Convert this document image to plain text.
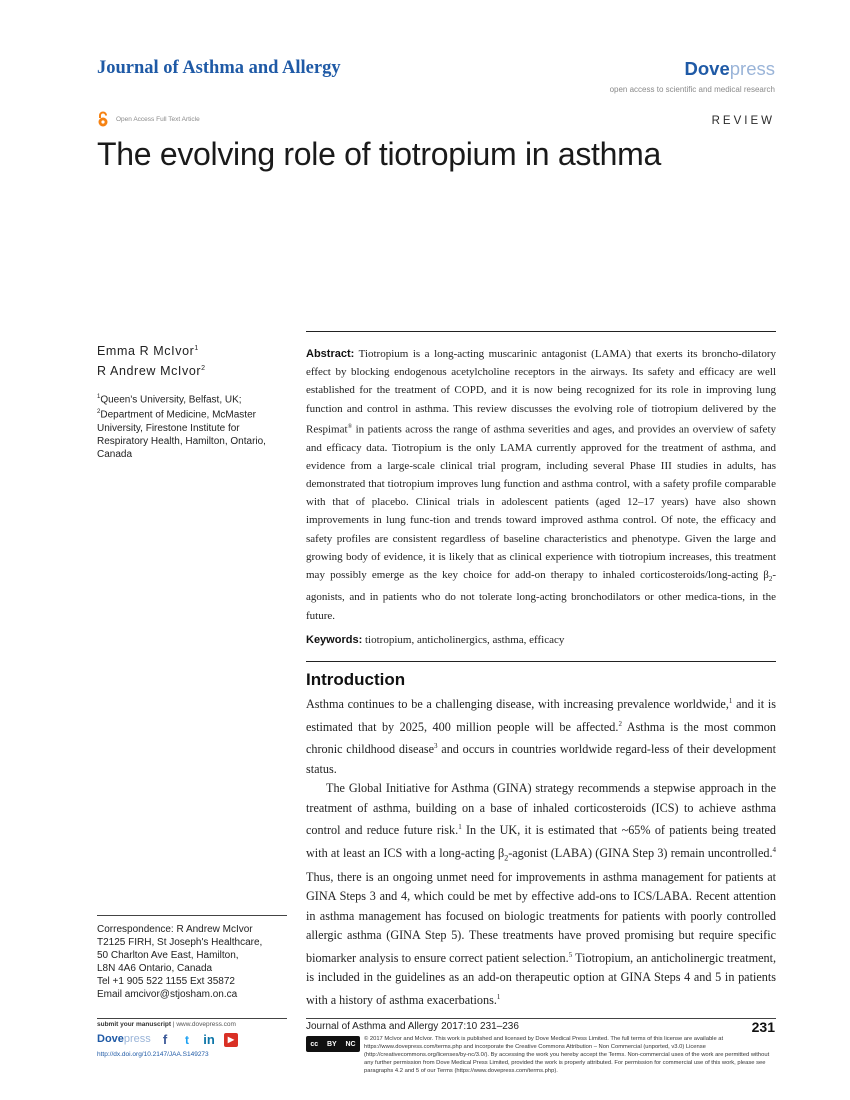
Journal of Asthma and Allergy	Dovepress
open access to scientific and medical research
Open Access Full Text Article	REVIEW
The evolving role of tiotropium in asthma
Emma R McIvor$^1$
R Andrew McIvor$^2$

$^1$Queen's University, Belfast, UK;

$^2$Department of Medicine, McMaster University, Firestone Institute for Respiratory Health, Hamilton, Ontario, Canada

Abstract: Tiotropium is a long-acting muscarinic antagonist (LAMA) that exerts its broncho-dilatory effect by blocking endogenous acetylcholine receptors in the airways. Its safety and efficacy are well established for the treatment of COPD, and it is now being recognized for its role in improving lung function and control in asthma. This review discusses the evolving role of tiotropium delivered by the Respimat® in patients across the range of asthma severities and ages, and provides an overview of safety and efficacy data. Tiotropium is the only LAMA currently approved for the treatment of asthma, and evidence from a large-scale clinical trial program, including several Phase III studies in adults, has demonstrated that tiotropium improves lung function and asthma control, with a safety profile comparable with that of placebo. Clinical trials in adolescent patients (aged 12–17 years) have also shown improvements in lung func-tion and trends toward improved asthma control. Of note, the efficacy and safety profiles are consistent regardless of baseline characteristics and phenotype. Given the large and growing body of evidence, it is likely that as clinical experience with tiotropium increases, this treatment may possibly emerge as the key choice for add-on therapy to inhaled corticosteroids/long-acting $\beta_2$-agonists, and in patients who do not tolerate long-acting bronchodilators or other medica-tions, in the future.

Keywords: tiotropium, anticholinergics, asthma, efficacy
Introduction

Asthma continues to be a challenging disease, with increasing prevalence worldwide,$^1$ and it is estimated that by 2025, 400 million people will be affected.$^2$ Asthma is the most common chronic childhood disease$^3$ and occurs in countries worldwide regard-less of their development status.

The Global Initiative for Asthma (GINA) strategy recommends a stepwise approach in the treatment of asthma, building on a base of inhaled corticosteroids (ICS) to achieve asthma control and reduce future risk.$^1$ In the UK, it is estimated that ~65% of patients being treated with at least an ICS with a long-acting $\beta_2$-agonist (LABA) (GINA Step 3) remain uncontrolled.$^4$ Thus, there is an ongoing unmet need for improvements in asthma management for patients at GINA Steps 3 and 4, which could be met by effective add-ons to ICS/LABA. Recent attention in asthma management has focused on biologic treatments for patients with poorly controlled allergic asthma (GINA Step 5). These treatments have proved promising but require specific biomarker analysis to ensure correct patient selection.$^5$ Tiotropium, an anticholinergic treatment, is included in the guidelines as an add-on therapeutic option at GINA Steps 4 and 5 in patients with a history of asthma exacerbations.$^1$

Correspondence: R Andrew McIvor

T2125 FIRH, St Joseph's Healthcare,

50 Charlton Ave East, Hamilton,

L8N 4A6 Ontario, Canada

Tel +1 905 522 1155 Ext 35872

Email amcivor@stjosham.on.ca

submit your manuscript | www.dovepress.com
Dovepress f	t	in	▶
http://dx.doi.org/10.2147/JAA.S149273
Journal of Asthma and Allergy 2017:10 231–236	231
cc BY NC
© 2017 McIvor and McIvor. This work is published and licensed by Dove Medical Press Limited. The full terms of this license are available at https://www.dovepress.com/terms.php and incorporate the Creative Commons Attribution – Non Commercial (unported, v3.0) License (http://creativecommons.org/licenses/by-nc/3.0/). By accessing the work you hereby accept the Terms. Non-commercial uses of the work are permitted without any further permission from Dove Medical Press Limited, provided the work is properly attributed. For permission for commercial use of this work, please see paragraphs 4.2 and 5 of our Terms (https://www.dovepress.com/terms.php).
